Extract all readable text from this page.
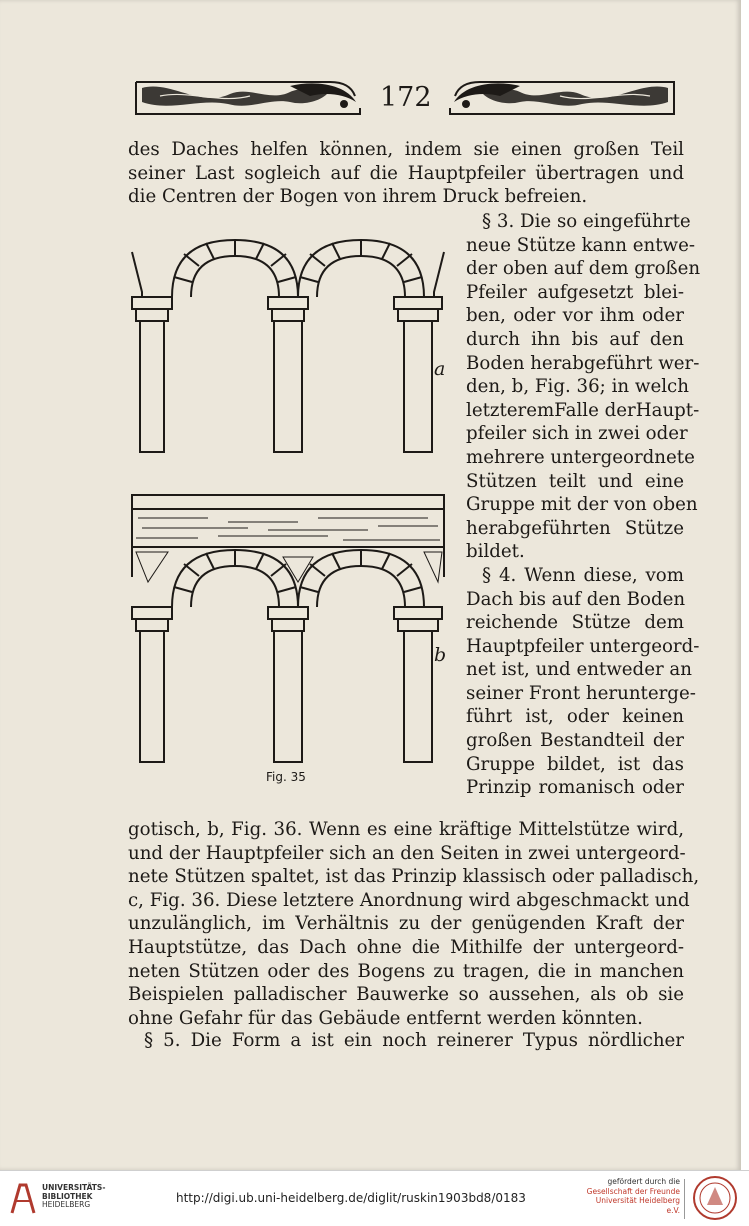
172
des Daches helfen können, indem sie einen großen Teil
seiner Last sogleich auf die Hauptpfeiler übertragen und
die Centren der Bogen von ihrem Druck befreien.
§ 3. Die so eingeführte
neue Stütze kann entwe-
der oben auf dem großen
Pfeiler aufgesetzt blei-
ben, oder vor ihm oder
durch ihn bis auf den
Boden herabgeführt wer-
den, b, Fig. 36; in welch
letzteremFalle derHaupt-
pfeiler sich in zwei oder
mehrere untergeordnete
Stützen teilt und eine
Gruppe mit der von oben
herabgeführten Stütze
bildet.
§ 4. Wenn diese, vom
Dach bis auf den Boden
reichende Stütze dem
Hauptpfeiler untergeord-
net ist, und entweder an
seiner Front herunterge-
führt ist, oder keinen
großen Bestandteil der
Gruppe bildet, ist das
Prinzip romanisch oder
a
b
Fig. 35
gotisch, b, Fig. 36. Wenn es eine kräftige Mittelstütze wird,
und der Hauptpfeiler sich an den Seiten in zwei untergeord-
nete Stützen spaltet, ist das Prinzip klassisch oder palladisch,
c, Fig. 36. Diese letztere Anordnung wird abgeschmackt und
unzulänglich, im Verhältnis zu der genügenden Kraft der
Hauptstütze, das Dach ohne die Mithilfe der untergeord-
neten Stützen oder des Bogens zu tragen, die in manchen
Beispielen palladischer Bauwerke so aussehen, als ob sie
ohne Gefahr für das Gebäude entfernt werden könnten.
§ 5. Die Form a ist ein noch reinerer Typus nördlicher
UNIVERSITÄTS-
BIBLIOTHEK
HEIDELBERG	http://digi.ub.uni-heidelberg.de/diglit/ruskin1903bd8/0183
gefördert durch die

Gesellschaft der Freunde
Universität Heidelberg e.V.
